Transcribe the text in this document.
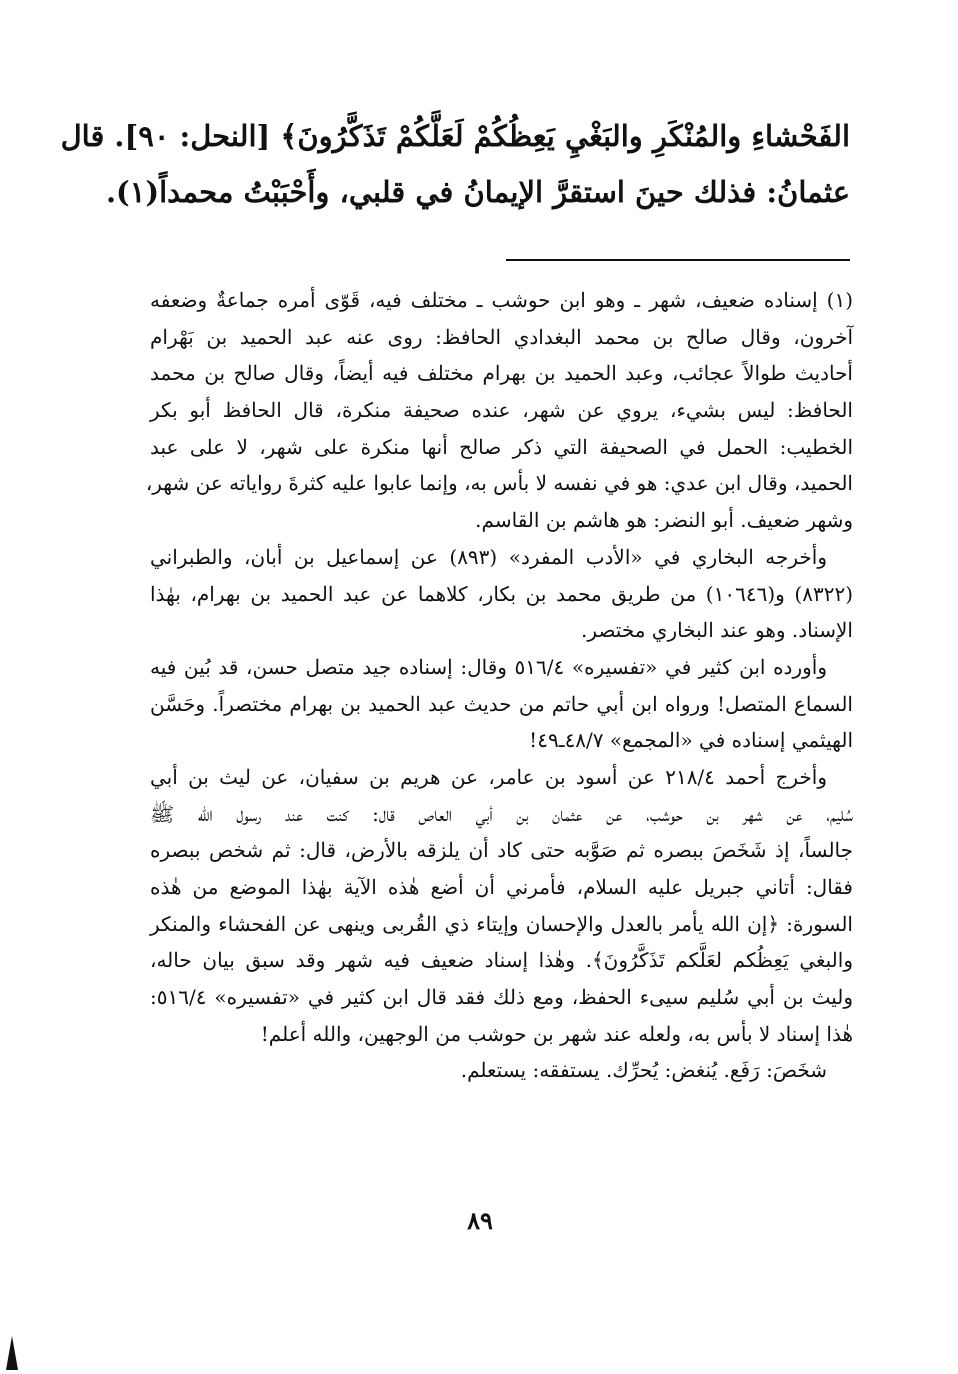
الفَحْشاءِ والمُنْكَرِ والبَغْيِ يَعِظُكُمْ لَعَلَّكُمْ تَذَكَّرُونَ﴾ [النحل: ٩٠]. قال
عثمانُ: فذلك حينَ استقرَّ الإيمانُ في قلبي، وأَحْبَبْتُ محمداً(١).
(١) إسناده ضعيف، شهر ـ وهو ابن حوشب ـ مختلف فيه، قَوّى أمره جماعةٌ وضعفه
آخرون، وقال صالح بن محمد البغدادي الحافظ: روى عنه عبد الحميد بن بَهْرام
أحاديث طوالاً عجائب، وعبد الحميد بن بهرام مختلف فيه أيضاً، وقال صالح بن محمد
الحافظ: ليس بشيء، يروي عن شهر، عنده صحيفة منكرة، قال الحافظ أبو بكر
الخطيب: الحمل في الصحيفة التي ذكر صالح أنها منكرة على شهر، لا على عبد
الحميد، وقال ابن عدي: هو في نفسه لا بأس به، وإنما عابوا عليه كثرةَ رواياته عن شهر،
وشهر ضعيف. أبو النضر: هو هاشم بن القاسم.
وأخرجه البخاري في «الأدب المفرد» (٨٩٣) عن إسماعيل بن أبان، والطبراني
(٨٣٢٢) و(١٠٦٤٦) من طريق محمد بن بكار، كلاهما عن عبد الحميد بن بهرام، بهٰذا
الإسناد. وهو عند البخاري مختصر.
وأورده ابن كثير في «تفسيره» ٥١٦/٤ وقال: إسناده جيد متصل حسن، قد بُين فيه
السماع المتصل! ورواه ابن أبي حاتم من حديث عبد الحميد بن بهرام مختصراً. وحَسَّن
الهيثمي إسناده في «المجمع» ٤٨/٧ـ٤٩!
وأخرج أحمد ٢١٨/٤ عن أسود بن عامر، عن هريم بن سفيان، عن ليث بن أبي
سُليم، عن شهر بن حوشب، عن عثمان بن أبي العاص قال: كنت عند رسول الله ﷺ
جالساً، إذ شَخَصَ ببصره ثم صَوَّبه حتى كاد أن يلزقه بالأرض، قال: ثم شخص ببصره
فقال: أتاني جبريل عليه السلام، فأمرني أن أضع هٰذه الآية بهٰذا الموضع من هٰذه
السورة: ﴿إن الله يأمر بالعدل والإحسان وإيتاء ذي القُربى وينهى عن الفحشاء والمنكر
والبغي يَعِظُكم لعَلَّكم تَذَكَّرُونَ﴾. وهٰذا إسناد ضعيف فيه شهر وقد سبق بيان حاله،
وليث بن أبي سُليم سيىء الحفظ، ومع ذلك فقد قال ابن كثير في «تفسيره» ٥١٦/٤:
هٰذا إسناد لا بأس به، ولعله عند شهر بن حوشب من الوجهين، والله أعلم!
شخَصَ: رَفَع. يُنغض: يُحرِّك. يستفقه: يستعلم.
٨٩
